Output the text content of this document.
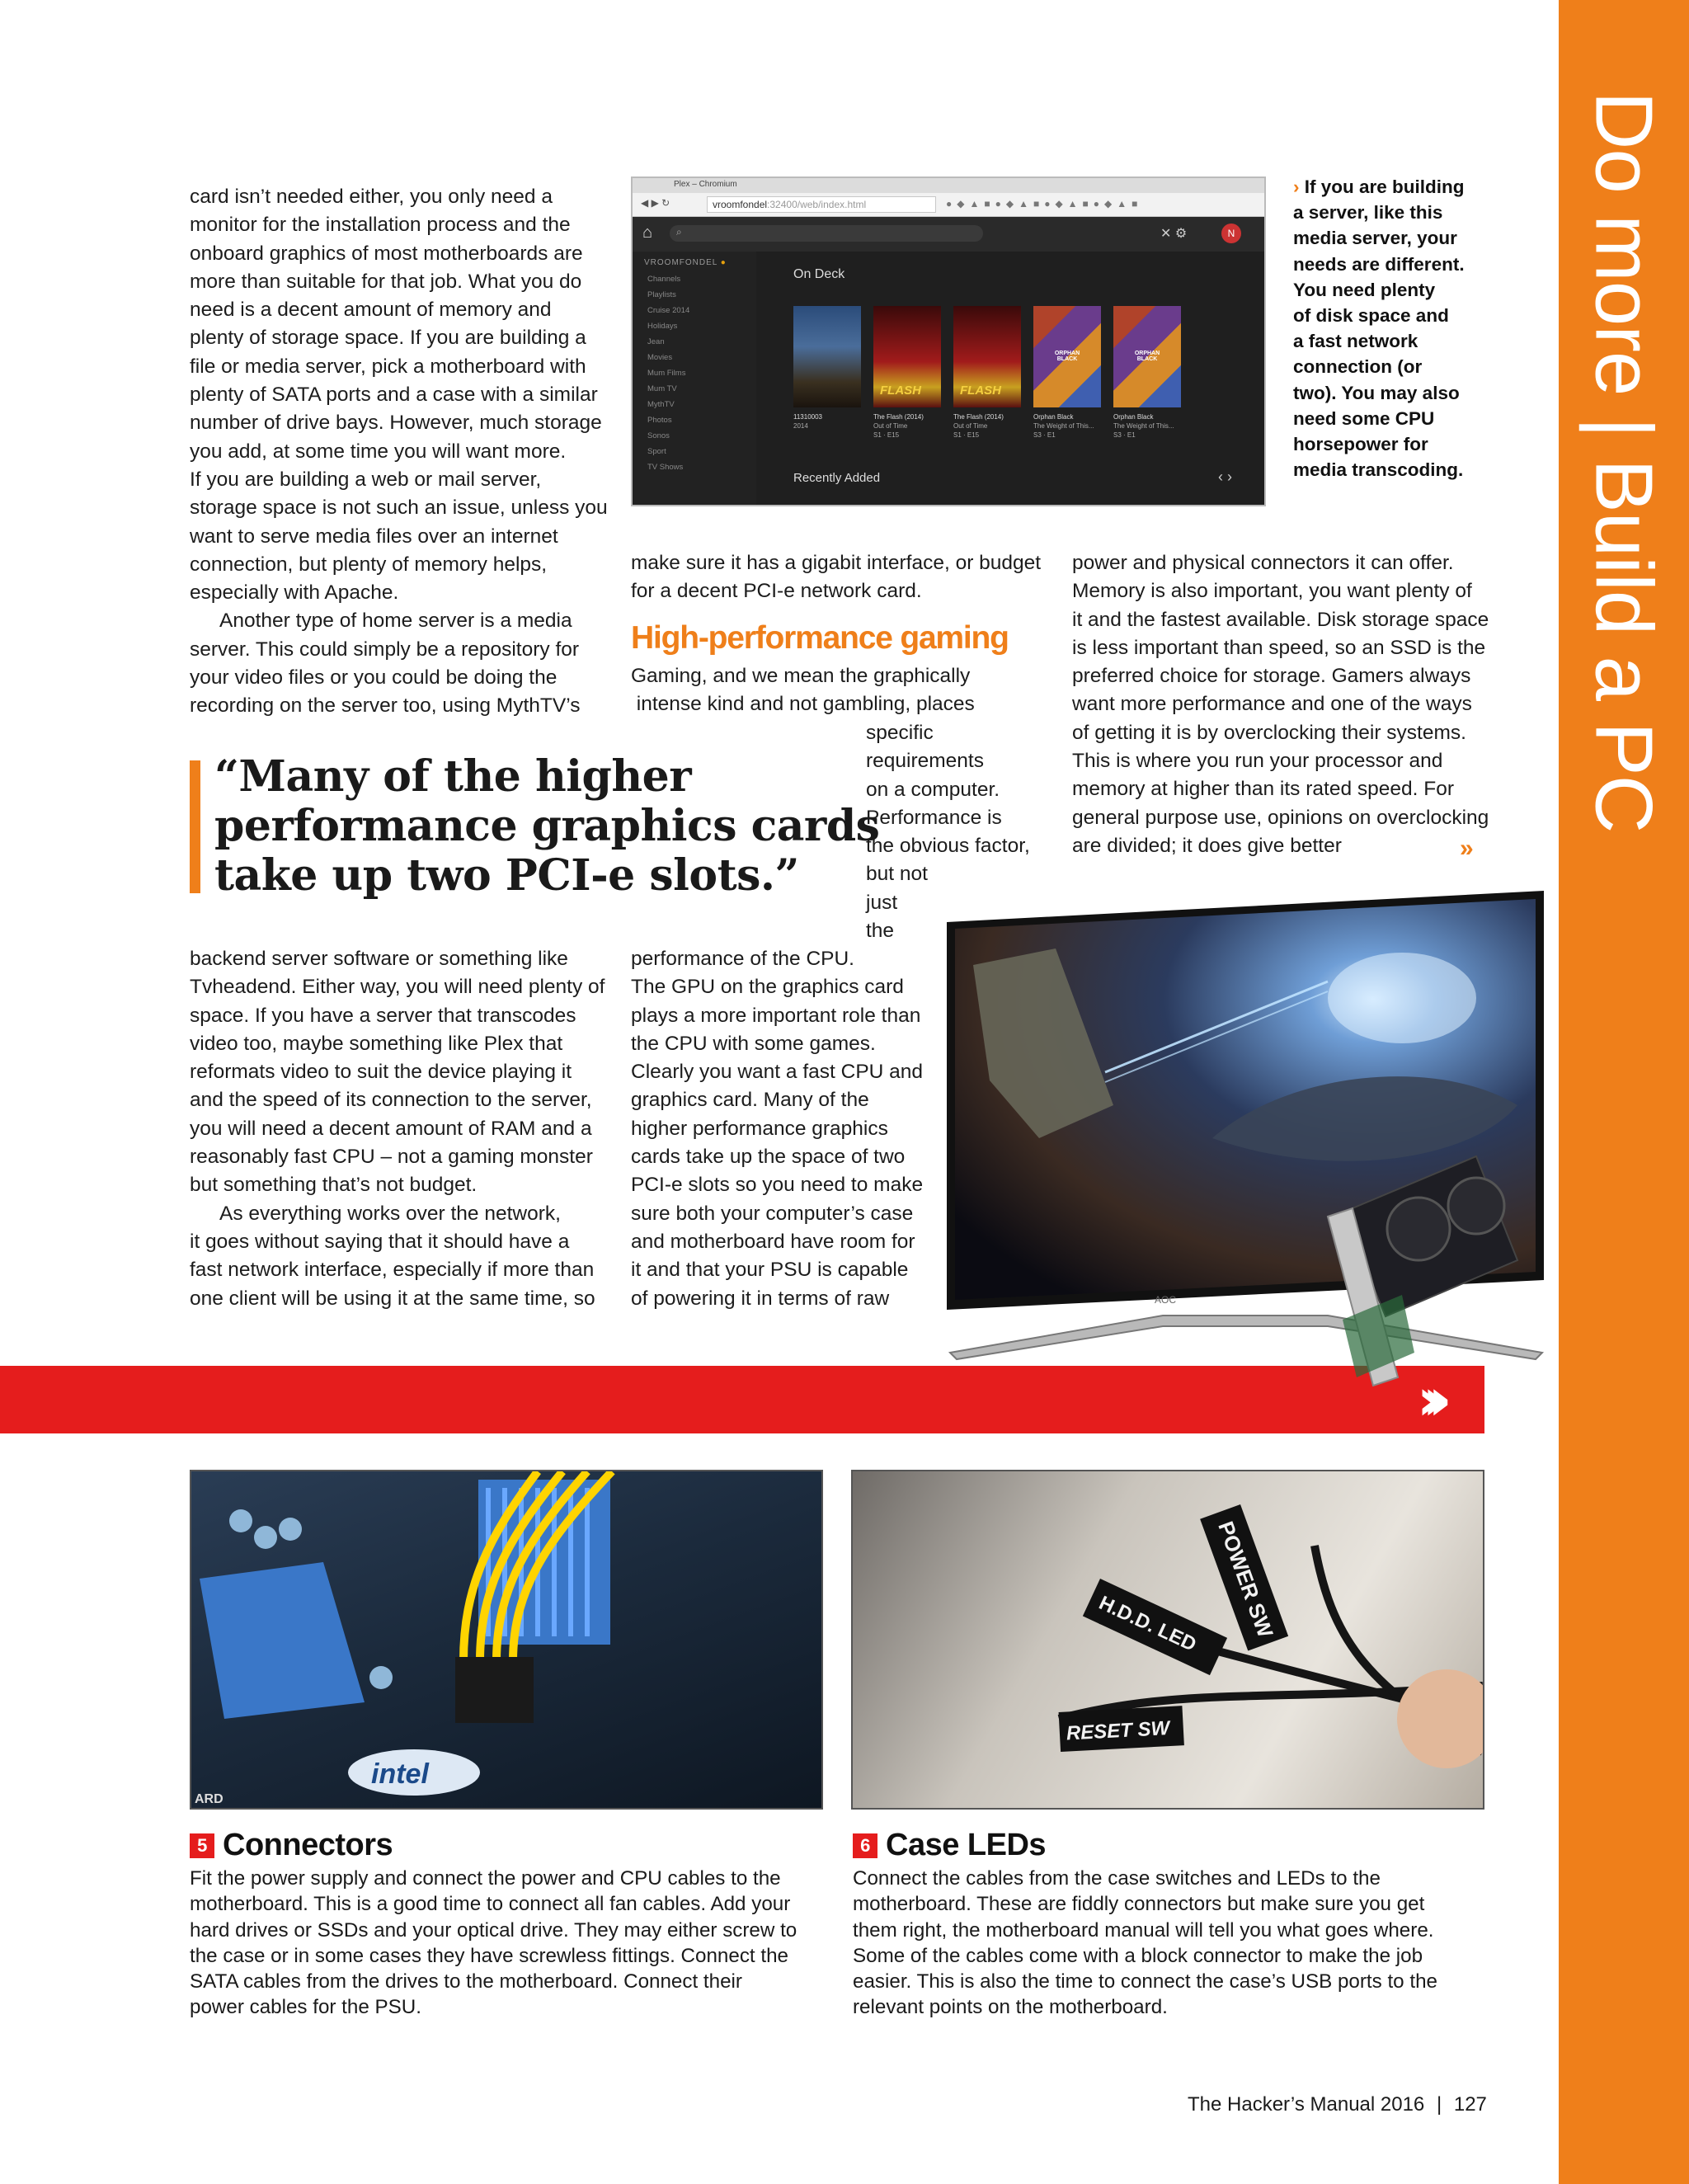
Do more | Build a PC
card isn’t needed either, you only need a
monitor for the installation process and the
onboard graphics of most motherboards are
more than suitable for that job. What you do
need is a decent amount of memory and
plenty of storage space. If you are building a
file or media server, pick a motherboard with
plenty of SATA ports and a case with a similar
number of drive bays. However, much storage
you add, at some time you will want more.
If you are building a web or mail server,
storage space is not such an issue, unless you
want to serve media files over an internet
connection, but plenty of memory helps,
especially with Apache.
Another type of home server is a media
server. This could simply be a repository for
your video files or you could be doing the
recording on the server too, using MythTV’s
“Many of the higher
performance graphics cards
take up two PCI-e slots.”
backend server software or something like
Tvheadend. Either way, you will need plenty of
space. If you have a server that transcodes
video too, maybe something like Plex that
reformats video to suit the device playing it
and the speed of its connection to the server,
you will need a decent amount of RAM and a
reasonably fast CPU – not a gaming monster
but something that’s not budget.
As everything works over the network,
it goes without saying that it should have a
fast network interface, especially if more than
one client will be using it at the same time, so
Plex – Chromium
◀ ▶ ↻	vroomfondel:32400/web/index.html	●◆▲■●◆▲■●◆▲■●◆▲■
⌂ ⌕	✕ ⚙	N
VROOMFONDEL ●
Channels
Playlists
Cruise 2014
Holidays
Jean
Movies
Mum Films
Mum TV
MythTV
Photos
Sonos
Sport
TV Shows
On Deck
FLASH	FLASH
ORPHAN BLACK
ORPHAN BLACK
11310003
2014
The Flash (2014)
Out of Time
S1 · E15
The Flash (2014)
Out of Time
S1 · E15
Orphan Black
The Weight of This...
S3 · E1
Orphan Black
The Weight of This...
S3 · E1
Recently Added	‹ ›
› If you are building
a server, like this
media server, your
needs are different.
You need plenty
of disk space and
a fast network
connection (or
two). You may also
need some CPU
horsepower for
media transcoding.
make sure it has a gigabit interface, or budget
for a decent PCI-e network card.
High-performance gaming
Gaming, and we mean the graphically
intense kind and not gambling, places
specific
requirements
on a computer.
Performance is
the obvious factor,
but not
just
the
performance of the CPU.
The GPU on the graphics card
plays a more important role than
the CPU with some games.
Clearly you want a fast CPU and
graphics card. Many of the
higher performance graphics
cards take up the space of two
PCI-e slots so you need to make
sure both your computer’s case
and motherboard have room for
it and that your PSU is capable
of powering it in terms of raw
power and physical connectors it can offer.
Memory is also important, you want plenty of
it and the fastest available. Disk storage space
is less important than speed, so an SSD is the
preferred choice for storage. Gamers always
want more performance and one of the ways
of getting it is by overclocking their systems.
This is where you run your processor and
memory at higher than its rated speed. For
general purpose use, opinions on overclocking
are divided; it does give better	»
›››
AOC
intel
ARD
POWER SW
H.D.D. LED
RESET SW
5 Connectors
Fit the power supply and connect the power and CPU cables to the
motherboard. This is a good time to connect all fan cables. Add your
hard drives or SSDs and your optical drive. They may either screw to
the case or in some cases they have screwless fittings. Connect the
SATA cables from the drives to the motherboard. Connect their
power cables for the PSU.
6 Case LEDs
Connect the cables from the case switches and LEDs to the
motherboard. These are fiddly connectors but make sure you get
them right, the motherboard manual will tell you what goes where.
Some of the cables come with a block connector to make the job
easier. This is also the time to connect the case’s USB ports to the
relevant points on the motherboard.
The Hacker’s Manual 2016 | 127
